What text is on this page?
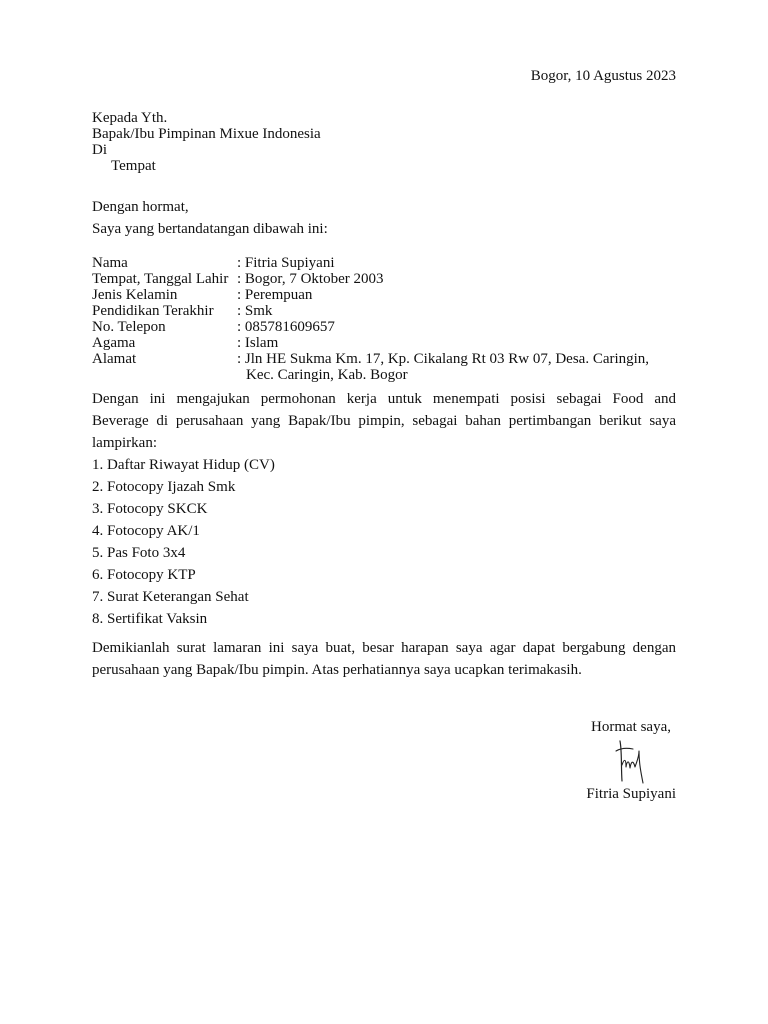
Bogor, 10 Agustus 2023
Kepada Yth.
Bapak/Ibu Pimpinan Mixue Indonesia
Di
Tempat
Dengan hormat,
Saya yang bertandatangan dibawah ini:
Nama	: Fitria Supiyani
Tempat, Tanggal Lahir : Bogor, 7 Oktober 2003
Jenis Kelamin	: Perempuan
Pendidikan Terakhir	: Smk
No. Telepon	: 085781609657
Agama	: Islam
Alamat	: Jln HE Sukma Km. 17, Kp. Cikalang Rt 03 Rw 07, Desa. Caringin,
Kec. Caringin, Kab. Bogor
Dengan ini mengajukan permohonan kerja untuk menempati posisi sebagai Food and
Beverage di perusahaan yang Bapak/Ibu pimpin, sebagai bahan pertimbangan berikut saya
lampirkan:
1. Daftar Riwayat Hidup (CV)
2. Fotocopy Ijazah Smk
3. Fotocopy SKCK
4. Fotocopy AK/1
5. Pas Foto 3x4
6. Fotocopy KTP
7. Surat Keterangan Sehat
8. Sertifikat Vaksin
Demikianlah surat lamaran ini saya buat, besar harapan saya agar dapat bergabung dengan
perusahaan yang Bapak/Ibu pimpin. Atas perhatiannya saya ucapkan terimakasih.
Hormat saya,
Fitria Supiyani
